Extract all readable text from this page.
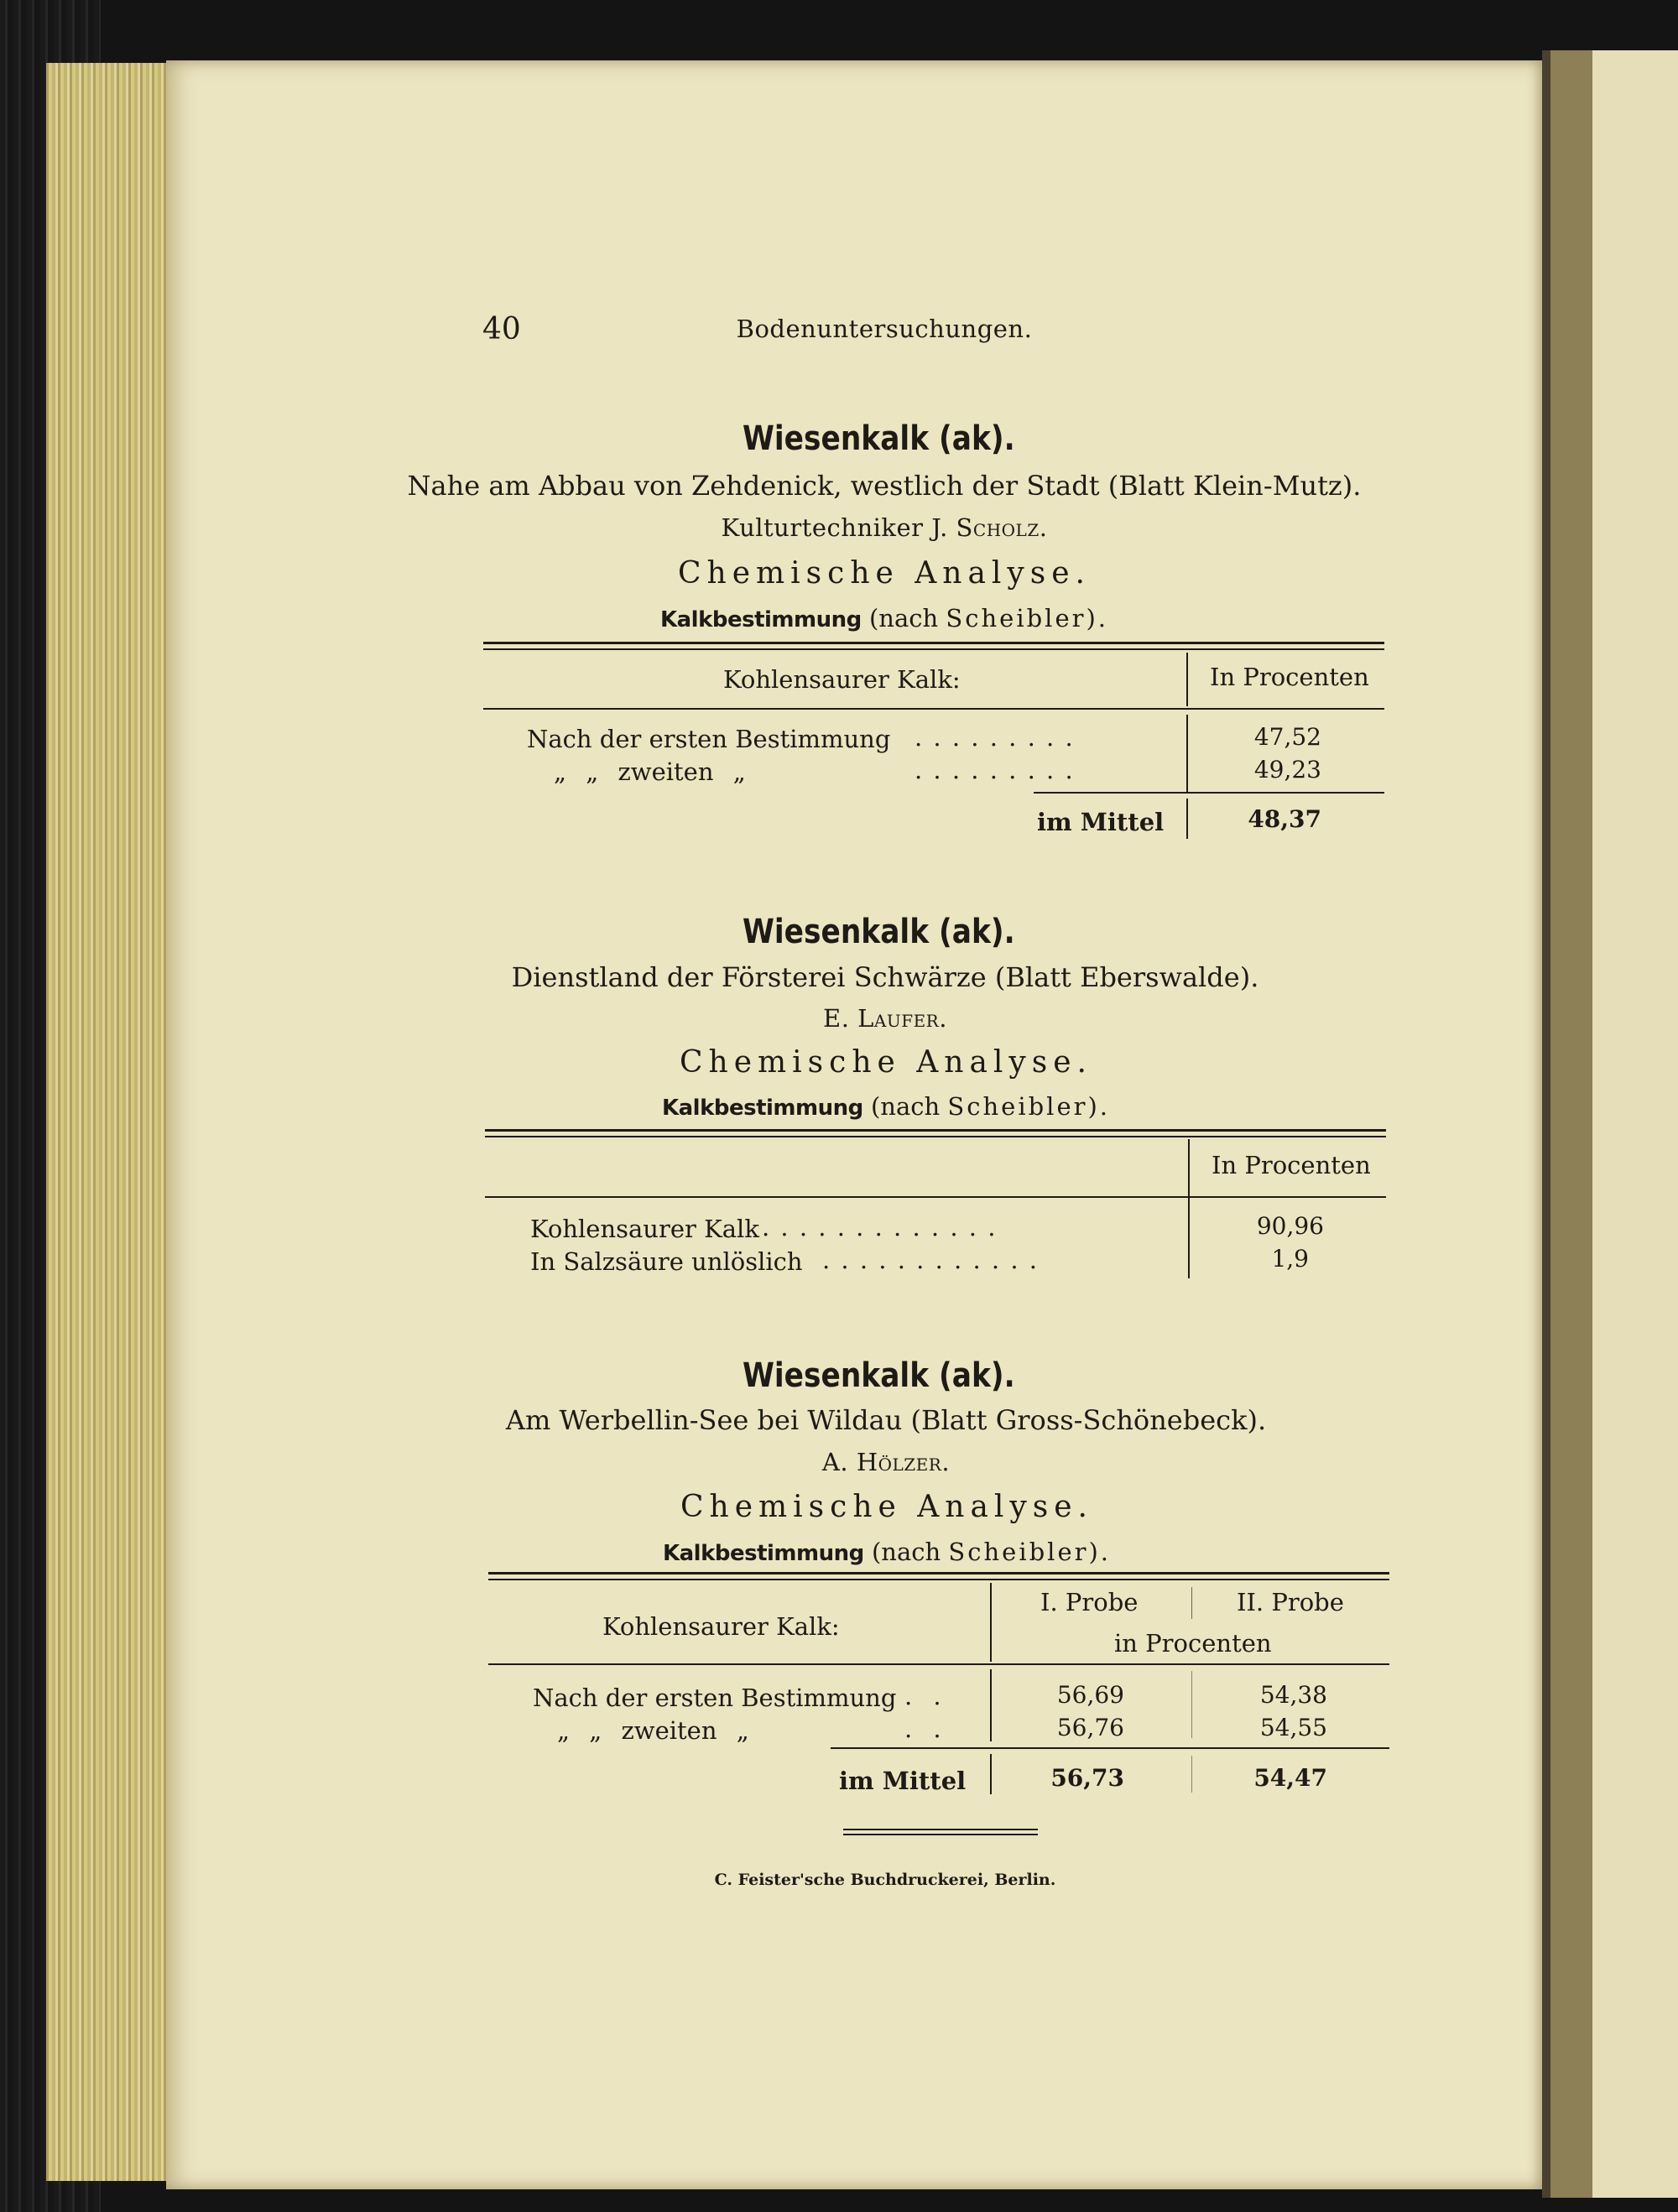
40	Bodenuntersuchungen.
Wiesenkalk (ak).
Nahe am Abbau von Zehdenick, westlich der Stadt (Blatt Klein-Mutz).
Kulturtechniker J. Scholz.
Chemische Analyse.
Kalkbestimmung (nach Scheibler).
Kohlensaurer Kalk:	In Procenten
Nach der ersten Bestimmung . . . . . . . . .	47,52
„ „ zweiten „	. . . . . . . . .	49,23
im Mittel	48,37
Wiesenkalk (ak).
Dienstland der Försterei Schwärze (Blatt Eberswalde).
E. Laufer.
Chemische Analyse.
Kalkbestimmung (nach Scheibler).
In Procenten
Kohlensaurer Kalk . . . . . . . . . . . . .	90,96
In Salzsäure unlöslich . . . . . . . . . . . .	1,9
Wiesenkalk (ak).
Am Werbellin-See bei Wildau (Blatt Gross-Schönebeck).
A. Hölzer.
Chemische Analyse.
Kalkbestimmung (nach Scheibler).
Kohlensaurer Kalk:
I. Probe	II. Probe
in Procenten
Nach der ersten Bestimmung . .	56,69	54,38
„ „ zweiten „	. .	56,76	54,55
im Mittel	56,73	54,47
C. Feister'sche Buchdruckerei, Berlin.
